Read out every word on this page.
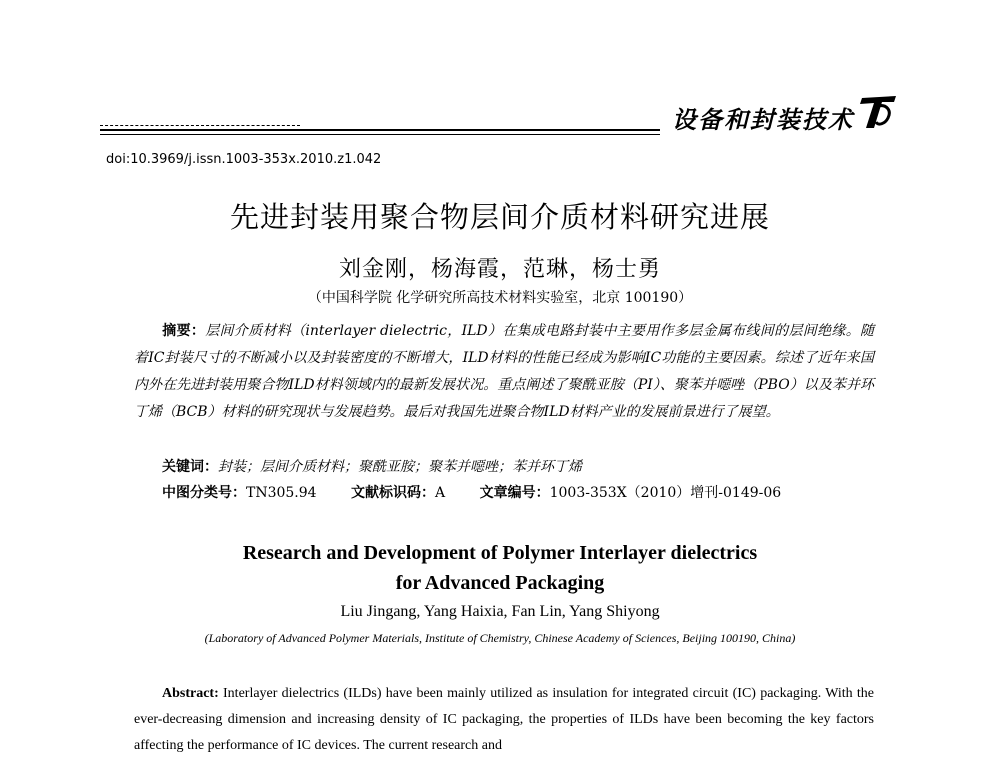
设备和封装技术
doi:10.3969/j.issn.1003-353x.2010.z1.042
先进封装用聚合物层间介质材料研究进展
刘金刚，杨海霞，范琳，杨士勇
（中国科学院 化学研究所高技术材料实验室，北京 100190）
摘要：层间介质材料（interlayer dielectric，ILD）在集成电路封装中主要用作多层金属布线间的层间绝缘。随着IC封装尺寸的不断减小以及封装密度的不断增大，ILD材料的性能已经成为影响IC功能的主要因素。综述了近年来国内外在先进封装用聚合物ILD材料领域内的最新发展状况。重点阐述了聚酰亚胺（PI）、聚苯并噁唑（PBO）以及苯并环丁烯（BCB）材料的研究现状与发展趋势。最后对我国先进聚合物ILD材料产业的发展前景进行了展望。
关键词：封装；层间介质材料；聚酰亚胺；聚苯并噁唑；苯并环丁烯
中图分类号：TN305.94 文献标识码：A 文章编号：1003-353X（2010）增刊-0149-06
Research and Development of Polymer Interlayer dielectrics
for Advanced Packaging
Liu Jingang, Yang Haixia, Fan Lin, Yang Shiyong
(Laboratory of Advanced Polymer Materials, Institute of Chemistry, Chinese Academy of Sciences, Beijing 100190, China)
Abstract: Interlayer dielectrics (ILDs) have been mainly utilized as insulation for integrated circuit (IC) packaging. With the ever-decreasing dimension and increasing density of IC packaging, the properties of ILDs have been becoming the key factors affecting the performance of IC devices. The current research and
